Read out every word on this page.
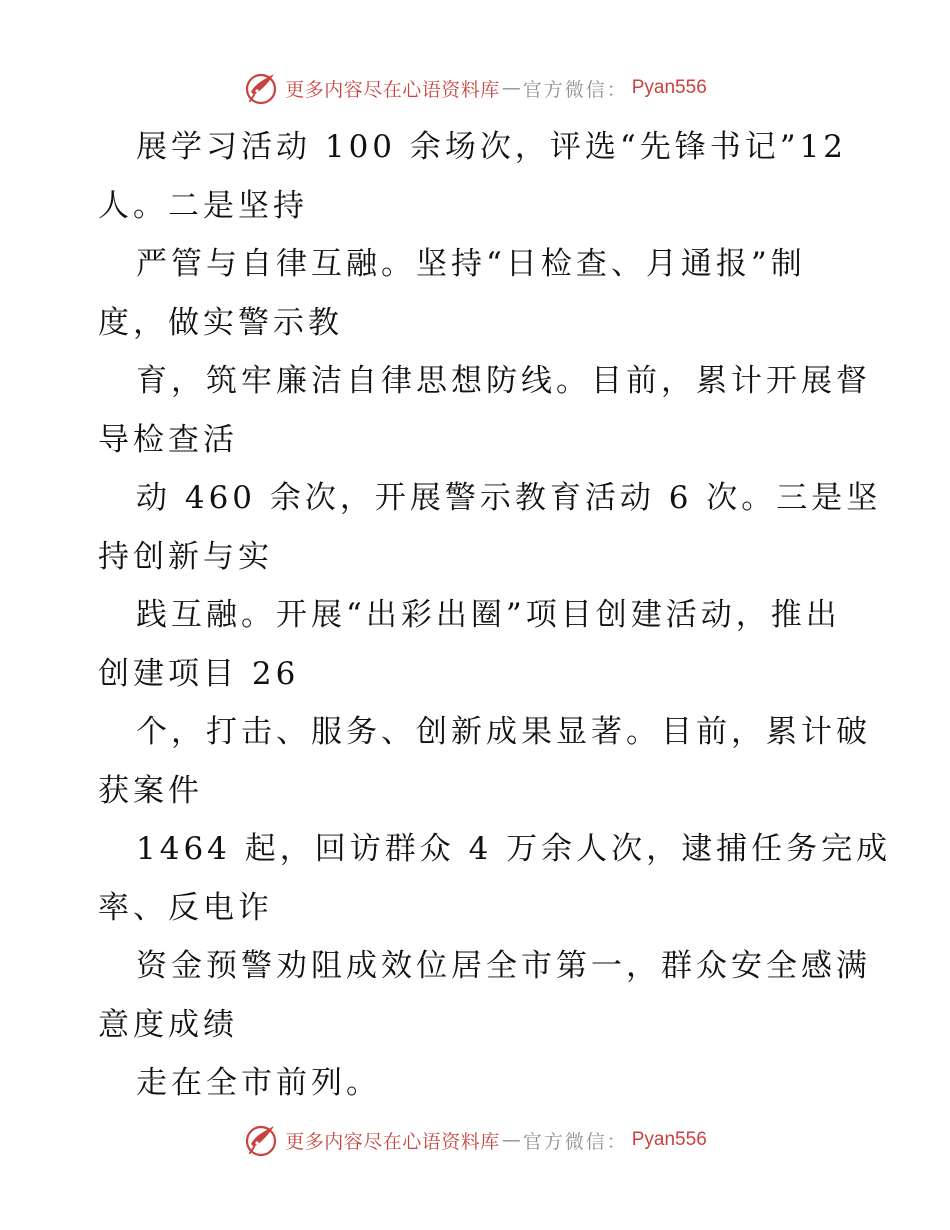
更多内容尽在心语资料库 — 官方微信： Pyan556
展学习活动 100 余场次，评选“先锋书记”12
人。二是坚持
严管与自律互融。坚持“日检查、月通报”制
度，做实警示教
育，筑牢廉洁自律思想防线。目前，累计开展督
导检查活
动 460 余次，开展警示教育活动 6 次。三是坚
持创新与实
践互融。开展“出彩出圈”项目创建活动，推出
创建项目 26
个，打击、服务、创新成果显著。目前，累计破
获案件
1464 起，回访群众 4 万余人次，逮捕任务完成
率、反电诈
资金预警劝阻成效位居全市第一，群众安全感满
意度成绩
走在全市前列。
更多内容尽在心语资料库 — 官方微信： Pyan556
